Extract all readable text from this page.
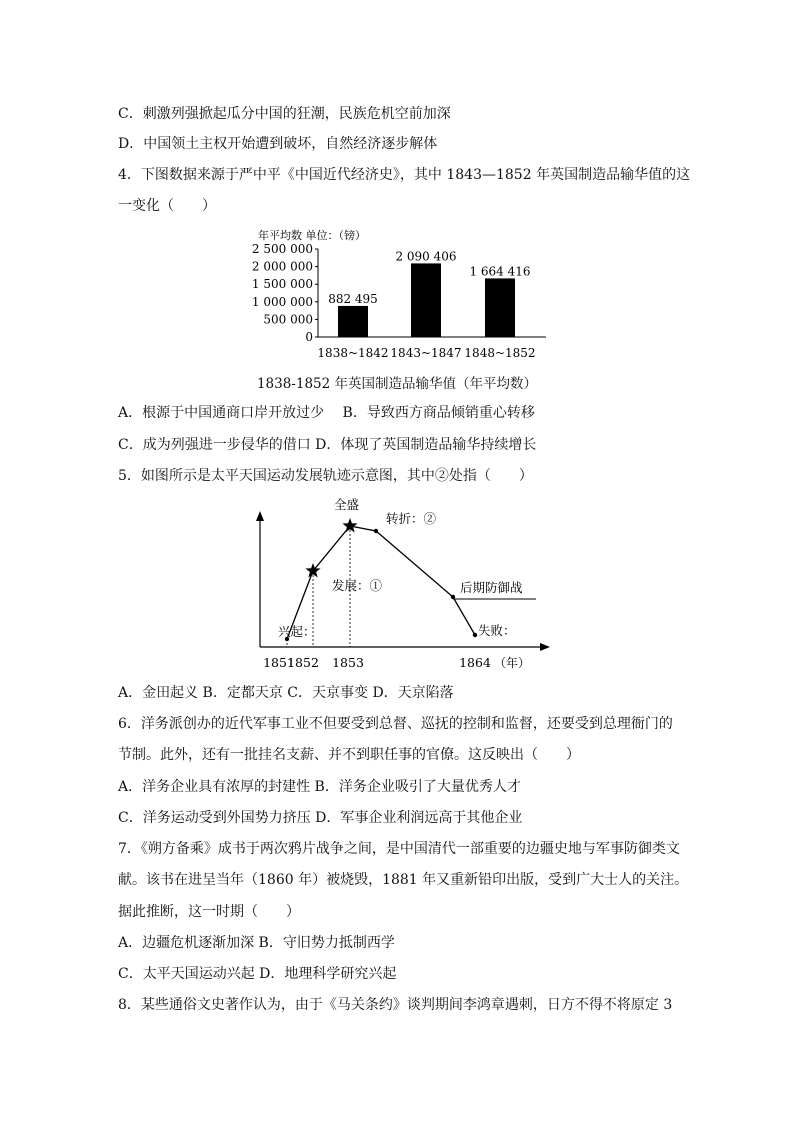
C．刺激列强掀起瓜分中国的狂潮，民族危机空前加深
D．中国领土主权开始遭到破坏，自然经济逐步解体
4．下图数据来源于严中平《中国近代经济史》，其中 1843—1852 年英国制造品输华值的这
一变化（　　）
年平均数 单位：（镑）
0
500 000
1 000 000
1 500 000
2 000 000
2 500 000
882 495
1838~1842
2 090 406
1843~1847
1 664 416
1848~1852
1838-1852 年英国制造品输华值（年平均数）
A．根源于中国通商口岸开放过少　 B．导致西方商品倾销重心转移
C．成为列强进一步侵华的借口 D．体现了英国制造品输华持续增长
5．如图所示是太平天国运动发展轨迹示意图，其中②处指（　　）
兴起：
发展：①
全盛
转折：②
后期防御战
失败：
1851
1852 1853	1864 （年）
A．金田起义 B．定都天京 C．天京事变 D．天京陷落
6．洋务派创办的近代军事工业不但要受到总督、巡抚的控制和监督，还要受到总理衙门的
节制。此外，还有一批挂名支薪、并不到职任事的官僚。这反映出（　　）
A．洋务企业具有浓厚的封建性 B．洋务企业吸引了大量优秀人才
C．洋务运动受到外国势力挤压 D．军事企业利润远高于其他企业
7．《朔方备乘》成书于两次鸦片战争之间，是中国清代一部重要的边疆史地与军事防御类文
献。该书在进呈当年（1860 年）被烧毁，1881 年又重新铅印出版，受到广大士人的关注。
据此推断，这一时期（　　）
A．边疆危机逐渐加深 B．守旧势力抵制西学
C．太平天国运动兴起 D．地理科学研究兴起
8．某些通俗文史著作认为，由于《马关条约》谈判期间李鸿章遇刺，日方不得不将原定 3
